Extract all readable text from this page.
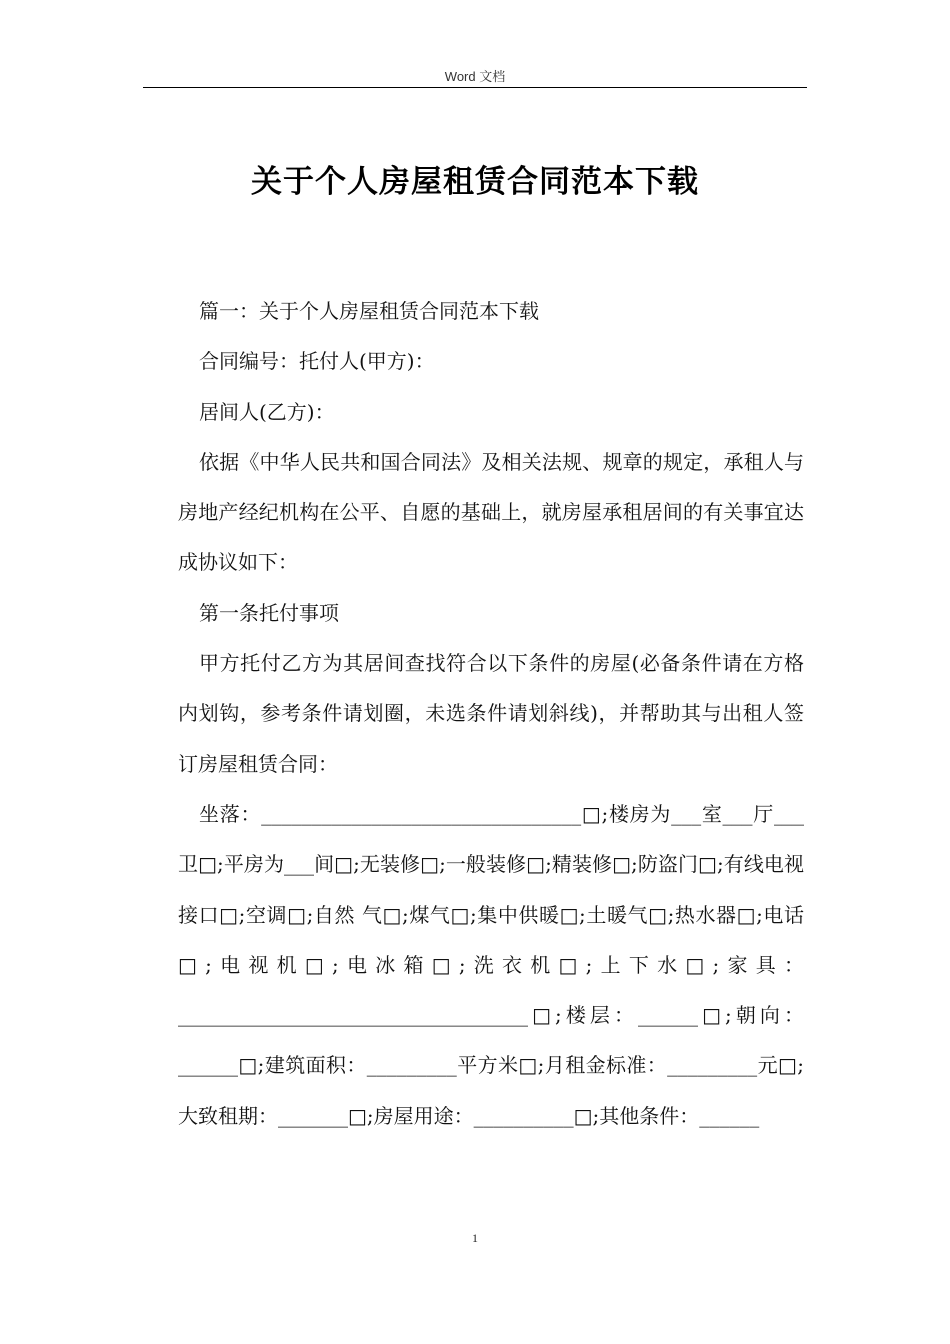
Word 文档
关于个人房屋租赁合同范本下载

篇一：关于个人房屋租赁合同范本下载

合同编号：托付人(甲方)：

居间人(乙方)：

依据《中华人民共和国合同法》及相关法规、规章的规定，承租人与房地产经纪机构在公平、自愿的基础上，就房屋承租居间的有关事宜达成协议如下：

第一条托付事项

甲方托付乙方为其居间查找符合以下条件的房屋(必备条件请在方格内划钩，参考条件请划圈，未选条件请划斜线)，并帮助其与出租人签订房屋租赁合同：

坐落：________________________________□;楼房为___室___厅___卫□;平房为___间□;无装修□;一般装修□;精装修□;防盗门□;有线电视接口□;空调□;自然 气□;煤气□;集中供暖□;土暖气□;热水器□;电话□;电视机□;电冰箱□;洗衣机□;上下水□;家具：___________________________________□;楼层：______□;朝向：______□;建筑面积：_________平方米□;月租金标准：_________元□;大致租期：_______□;房屋用途：__________□;其他条件：______

1
